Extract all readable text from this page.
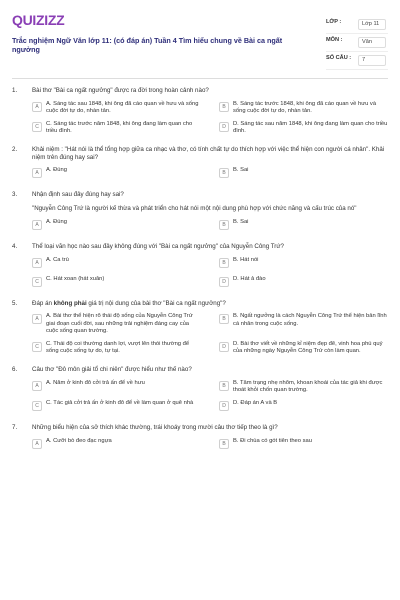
QUIZIZZ
Trắc nghiệm Ngữ Văn lớp 11: (có đáp án) Tuần 4 Tìm hiểu chung về Bài ca ngất ngưởng
LỚP :	Lớp 11
MÔN :	Văn
SỐ CÂU :	7
1.	Bài thơ "Bài ca ngất ngưởng" được ra đời trong hoàn cảnh nào?
A	A. Sáng tác sau 1848, khi ông đã cáo quan về hưu và sống cuộc đời tự do, nhàn tản.
B	B. Sáng tác trước 1848, khi ông đã cáo quan về hưu và sống cuộc đời tự do, nhàn tản.
C	C. Sáng tác trước năm 1848, khi ông đang làm quan cho triều đình.
D	D. Sáng tác sau năm 1848, khi ông đang làm quan cho triều đình.
2.	Khải niệm : "Hát nói là thể tổng hợp giữa ca nhạc và thơ, có tính chất tự do thích hợp với việc thể hiện con người cá nhân". Khải niệm trên đúng hay sai?
A	A. Đúng	B	B. Sai
3.	Nhận định sau đây đúng hay sai?
"Nguyễn Công Trứ là người kế thừa và phát triển cho hát nói một nội dung phù hợp với chức năng và cấu trúc của nó"
A	A. Đúng	B	B. Sai
4.	Thể loại văn học nào sau đây không đúng với "Bài ca ngất ngưởng" của Nguyễn Công Trứ?
A	A. Ca trù	B	B. Hát nói
C	C. Hát xoan (hát xuân)	D	D. Hát ả đào
5.	Đáp án không phải giá trị nội dung của bài thơ "Bài ca ngất ngưởng"?
A	A. Bài thơ thể hiện rõ thái độ sống của Nguyễn Công Trứ giai đoạn cuối đời, sau những trải nghiệm đáng cay của cuộc sống quan trường.
B	B. Ngất ngưởng là cách Nguyễn Công Trứ thể hiện bản lĩnh cá nhân trong cuộc sống.
C	C. Thái độ coi thường danh lợi, vượt lên thói thường để sống cuộc sống tự do, tự tại.
D	D. Bài thơ viết về những kỉ niệm đẹp đẽ, vinh hoa phú quý của những ngày Nguyễn Công Trứ còn làm quan.
6.	Câu thơ "Đô môn giải tổ chi niên" được hiểu như thế nào?
A	A. Năm ở kinh đô cởi trả ấn để về hưu	B	B. Tâm trạng nhẹ nhõm, khoan khoái của tác giả khi được thoát khỏi chốn quan trường.
C	C. Tác giả cởi trả ấn ở kinh đô để về làm quan ở quê nhà	D	D. Đáp án A và B
7.	Những biểu hiện của sở thích khác thường, trái khoáy trong mười câu thơ tiếp theo là gì?
A	A. Cưỡi bò đeo đạc ngựa	B	B. Đi chùa có gót tiên theo sau
